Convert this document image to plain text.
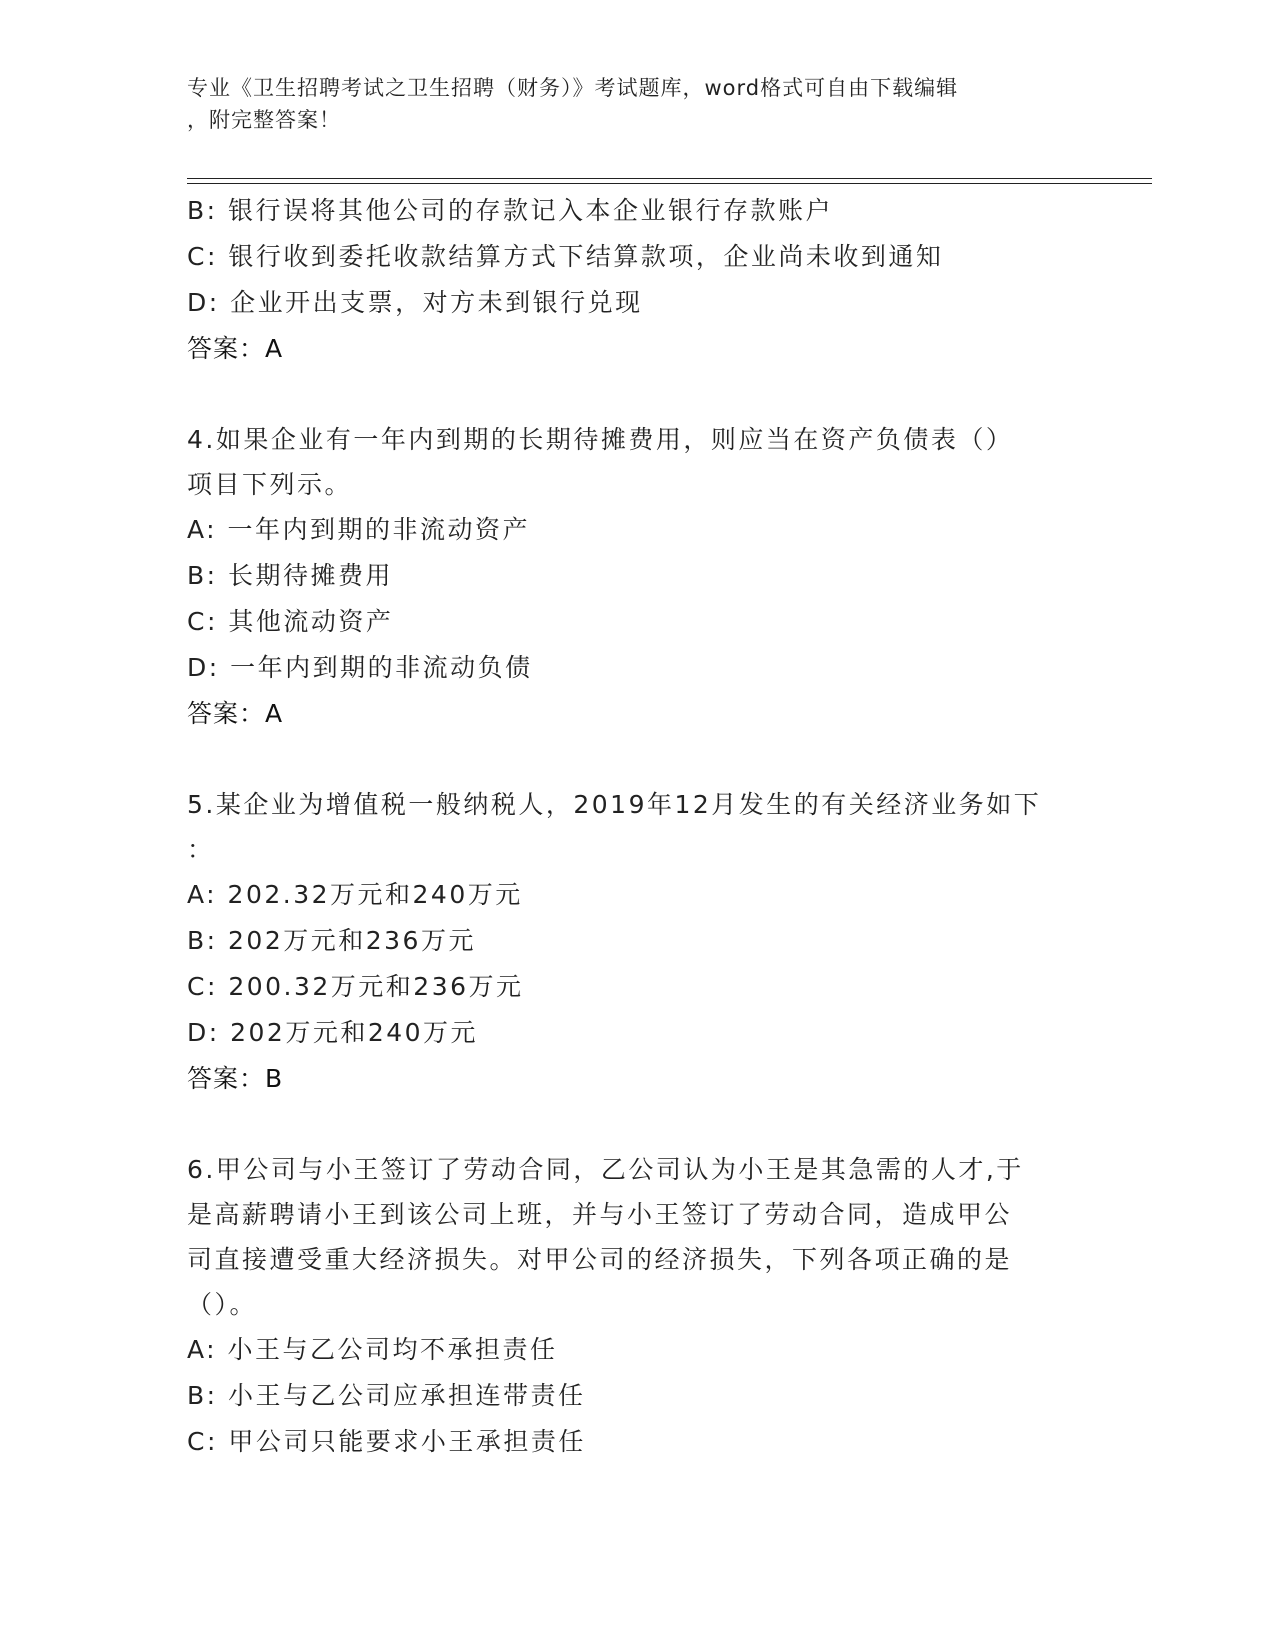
专业《卫生招聘考试之卫生招聘（财务）》考试题库，word格式可自由下载编辑
，附完整答案！
B: 银行误将其他公司的存款记入本企业银行存款账户
C: 银行收到委托收款结算方式下结算款项，企业尚未收到通知
D: 企业开出支票，对方未到银行兑现
答案：A
4.如果企业有一年内到期的长期待摊费用，则应当在资产负债表（）
项目下列示。
A: 一年内到期的非流动资产
B: 长期待摊费用
C: 其他流动资产
D: 一年内到期的非流动负债
答案：A
5.某企业为增值税一般纳税人，2019年12月发生的有关经济业务如下
：
A: 202.32万元和240万元
B: 202万元和236万元
C: 200.32万元和236万元
D: 202万元和240万元
答案：B
6.甲公司与小王签订了劳动合同，乙公司认为小王是其急需的人才,于
是高薪聘请小王到该公司上班，并与小王签订了劳动合同，造成甲公
司直接遭受重大经济损失。对甲公司的经济损失，下列各项正确的是
（）。
A: 小王与乙公司均不承担责任
B: 小王与乙公司应承担连带责任
C: 甲公司只能要求小王承担责任
